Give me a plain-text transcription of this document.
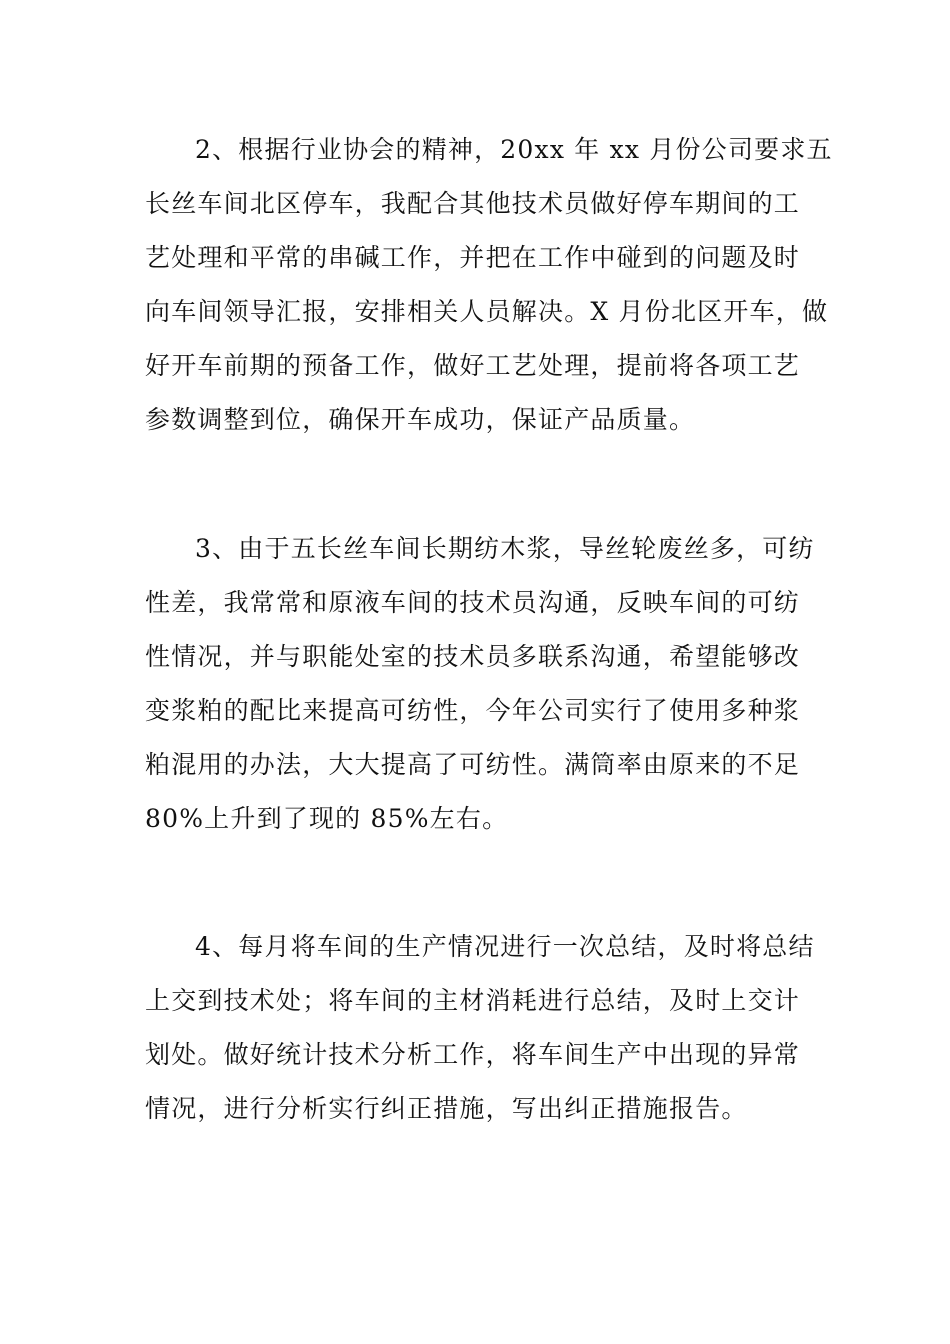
2、根据行业协会的精神，20xx 年 xx 月份公司要求五
长丝车间北区停车，我配合其他技术员做好停车期间的工
艺处理和平常的串碱工作，并把在工作中碰到的问题及时
向车间领导汇报，安排相关人员解决。X 月份北区开车，做
好开车前期的预备工作，做好工艺处理，提前将各项工艺
参数调整到位，确保开车成功，保证产品质量。

3、由于五长丝车间长期纺木浆，导丝轮废丝多，可纺
性差，我常常和原液车间的技术员沟通，反映车间的可纺
性情况，并与职能处室的技术员多联系沟通，希望能够改
变浆粕的配比来提高可纺性，今年公司实行了使用多种浆
粕混用的办法，大大提高了可纺性。满筒率由原来的不足
80%上升到了现的 85%左右。

4、每月将车间的生产情况进行一次总结，及时将总结
上交到技术处；将车间的主材消耗进行总结，及时上交计
划处。做好统计技术分析工作，将车间生产中出现的异常
情况，进行分析实行纠正措施，写出纠正措施报告。
